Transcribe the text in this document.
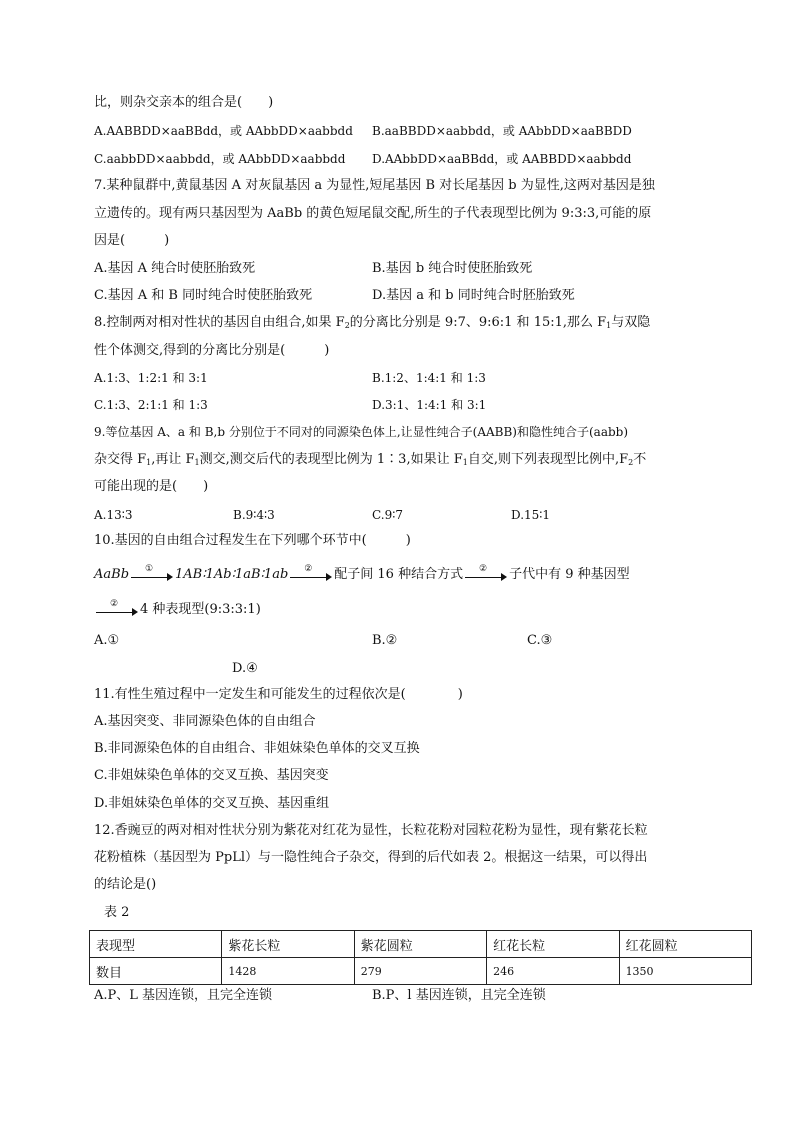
比，则杂交亲本的组合是(　　)
A.AABBDD×aaBBdd，或 AAbbDD×aabbdd B.aaBBDD×aabbdd，或 AAbbDD×aaBBDD
C.aabbDD×aabbdd，或 AAbbDD×aabbdd D.AAbbDD×aaBBdd，或 AABBDD×aabbdd
7.某种鼠群中,黄鼠基因 A 对灰鼠基因 a 为显性,短尾基因 B 对长尾基因 b 为显性,这两对基因是独
立遗传的。现有两只基因型为 AaBb 的黄色短尾鼠交配,所生的子代表现型比例为 9:3:3,可能的原
因是(　　　)
A.基因 A 纯合时使胚胎致死	B.基因 b 纯合时使胚胎致死
C.基因 A 和 B 同时纯合时使胚胎致死	D.基因 a 和 b 同时纯合时胚胎致死
8.控制两对相对性状的基因自由组合,如果 $F_2$的分离比分别是 9:7、9:6:1 和 15:1,那么 $F_1$与双隐
性个体测交,得到的分离比分别是(　　　)
A.1:3、1:2:1 和 3:1	B.1:2、1:4:1 和 1:3
C.1:3、2:1:1 和 1:3	D.3:1、1:4:1 和 3:1
9.等位基因 A、a 和 B,b 分别位于不同对的同源染色体上,让显性纯合子(AABB)和隐性纯合子(aabb)
杂交得 $F_1$,再让 $F_1$测交,测交后代的表现型比例为 1∶3,如果让 $F_1$自交,则下列表现型比例中$,F_2$不
可能出现的是(　　)
A.13∶3	B.9∶4∶3	C.9∶7	D.15∶1
10.基因的自由组合过程发生在下列哪个环节中(　　　)
AaBb	①	1AB∶1Ab∶1aB∶1ab	②	配子间 16 种结合方式	②	子代中有 9 种基因型
②	4 种表现型(9:3:3:1)
A.①	B.②	C.③
D.④
11.有性生殖过程中一定发生和可能发生的过程依次是(　　　　)
A.基因突变、非同源染色体的自由组合
B.非同源染色体的自由组合、非姐妹染色单体的交叉互换
C.非姐妹染色单体的交叉互换、基因突变
D.非姐妹染色单体的交叉互换、基因重组
12.香豌豆的两对相对性状分别为紫花对红花为显性，长粒花粉对园粒花粉为显性，现有紫花长粒
花粉植株（基因型为 PpLl）与一隐性纯合子杂交，得到的后代如表 2。根据这一结果，可以得出
的结论是()
表 2
A.P、L 基因连锁，且完全连锁	B.P、l 基因连锁，且完全连锁
表现型	紫花长粒	紫花圆粒	红花长粒	红花圆粒
数目	1428	279	246	1350
